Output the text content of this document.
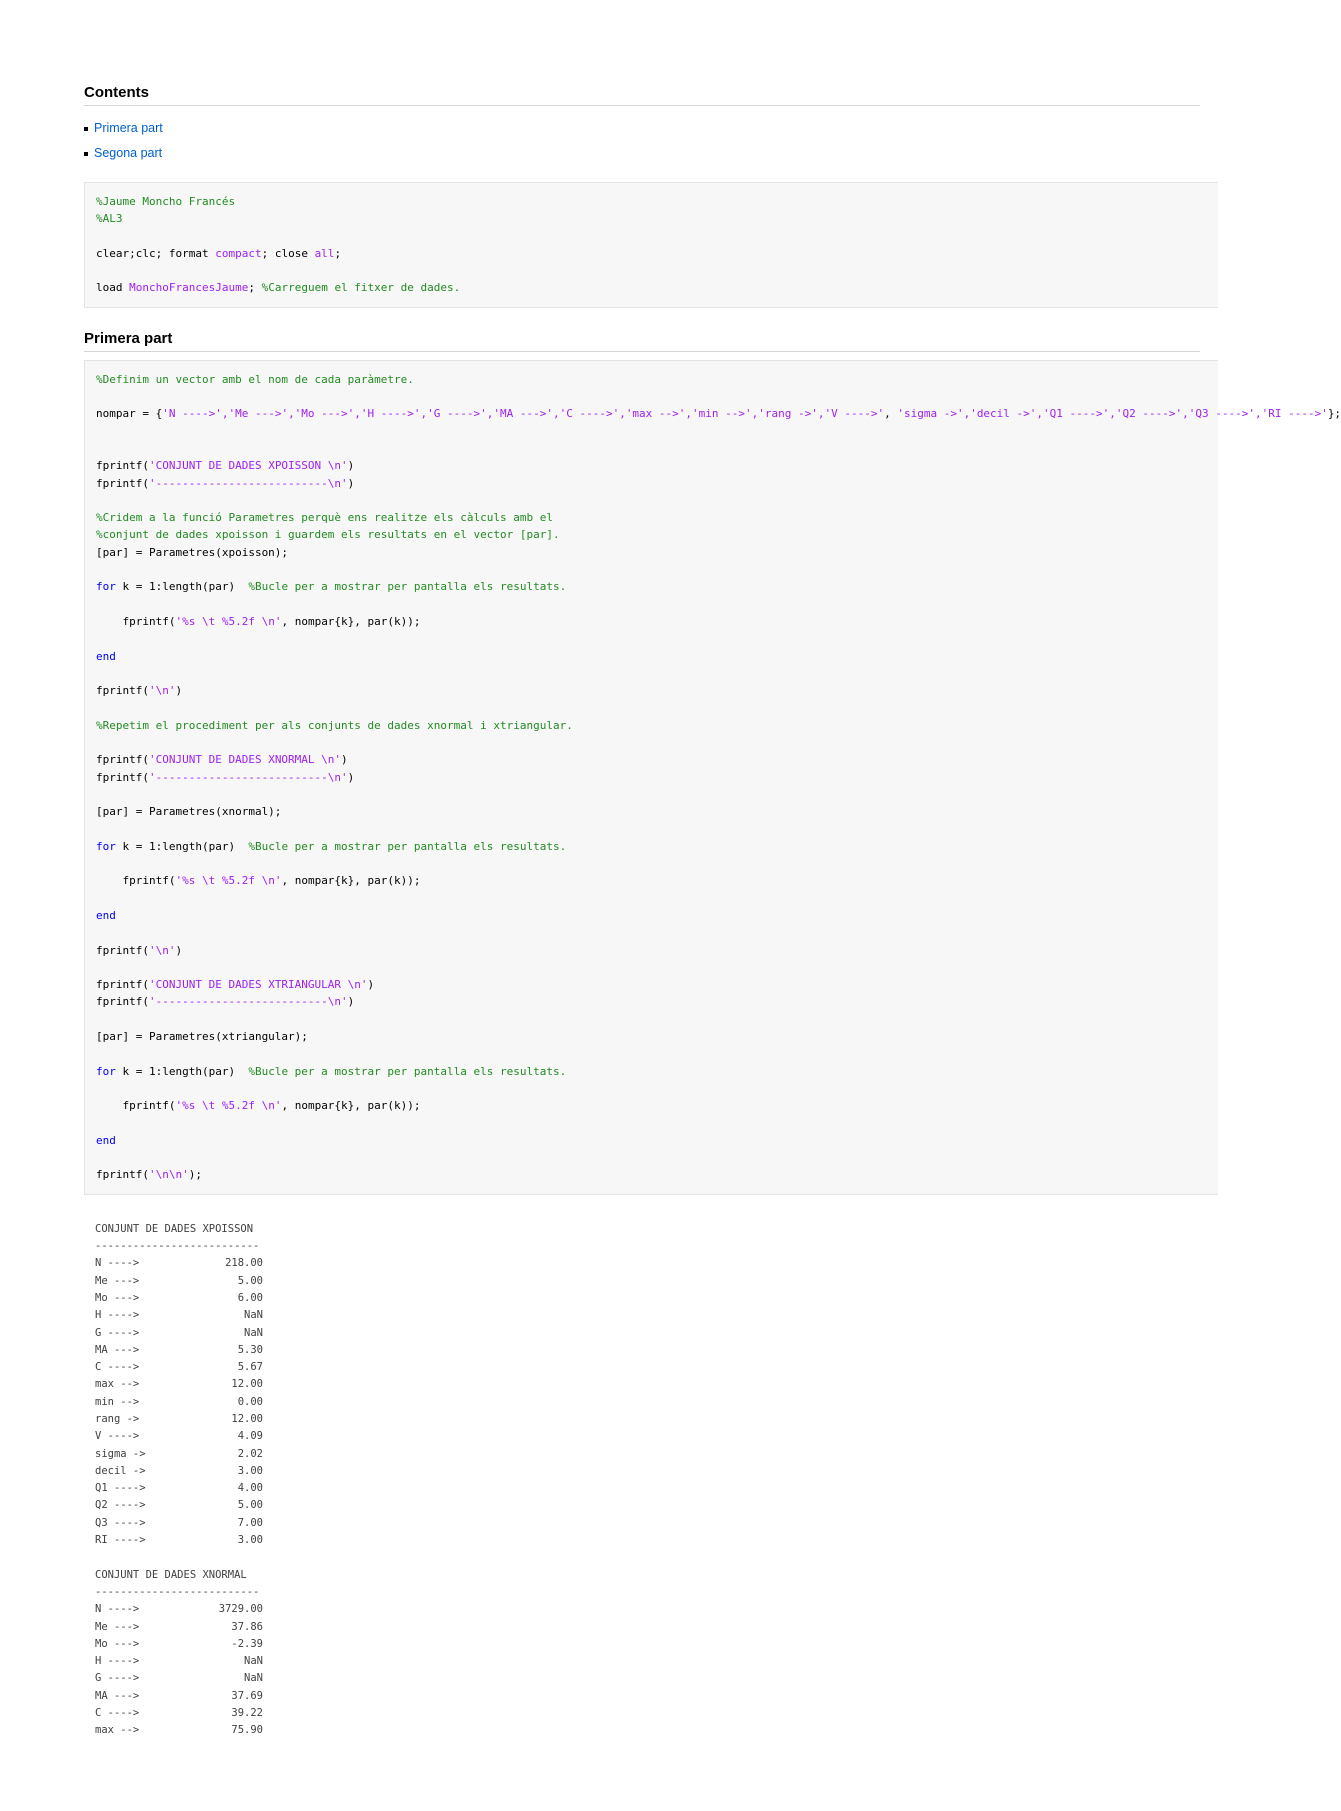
Contents
Primera part
Segona part
%Jaume Moncho Francés
%AL3
clear;clc; format compact; close all;
load MonchoFrancesJaume; %Carreguem el fitxer de dades.
Primera part
%Definim un vector amb el nom de cada paràmetre.
nompar = {'N ---->','Me --->','Mo --->','H ---->','G ---->','MA --->','C ---->','max -->','min -->','rang ->','V ---->', 'sigma ->','decil ->','Q1 ---->','Q2 ---->','Q3 ---->','RI ---->'};
fprintf('CONJUNT DE DADES XPOISSON \n')
fprintf('--------------------------\n')
%Cridem a la funció Parametres perquè ens realitze els càlculs amb el
%conjunt de dades xpoisson i guardem els resultats en el vector [par].
[par] = Parametres(xpoisson);
for k = 1:length(par)  %Bucle per a mostrar per pantalla els resultats.
fprintf('%s \t %5.2f \n', nompar{k}, par(k));
end
fprintf('\n')
%Repetim el procediment per als conjunts de dades xnormal i xtriangular.
fprintf('CONJUNT DE DADES XNORMAL \n')
fprintf('--------------------------\n')
[par] = Parametres(xnormal);
for k = 1:length(par)  %Bucle per a mostrar per pantalla els resultats.
fprintf('%s \t %5.2f \n', nompar{k}, par(k));
end
fprintf('\n')
fprintf('CONJUNT DE DADES XTRIANGULAR \n')
fprintf('--------------------------\n')
[par] = Parametres(xtriangular);
for k = 1:length(par)  %Bucle per a mostrar per pantalla els resultats.
fprintf('%s \t %5.2f \n', nompar{k}, par(k));
end
fprintf('\n\n');
CONJUNT DE DADES XPOISSON
--------------------------
N ---->	218.00
Me --->	5.00
Mo --->	6.00
H ---->	NaN
G ---->	NaN
MA --->	5.30
C ---->	5.67
max -->	12.00
min -->	0.00
rang ->	12.00
V ---->	4.09
sigma ->	2.02
decil ->	3.00
Q1 ---->	4.00
Q2 ---->	5.00
Q3 ---->	7.00
RI ---->	3.00
CONJUNT DE DADES XNORMAL
--------------------------
N ---->	3729.00
Me --->	37.86
Mo --->	-2.39
H ---->	NaN
G ---->	NaN
MA --->	37.69
C ---->	39.22
max -->	75.90
